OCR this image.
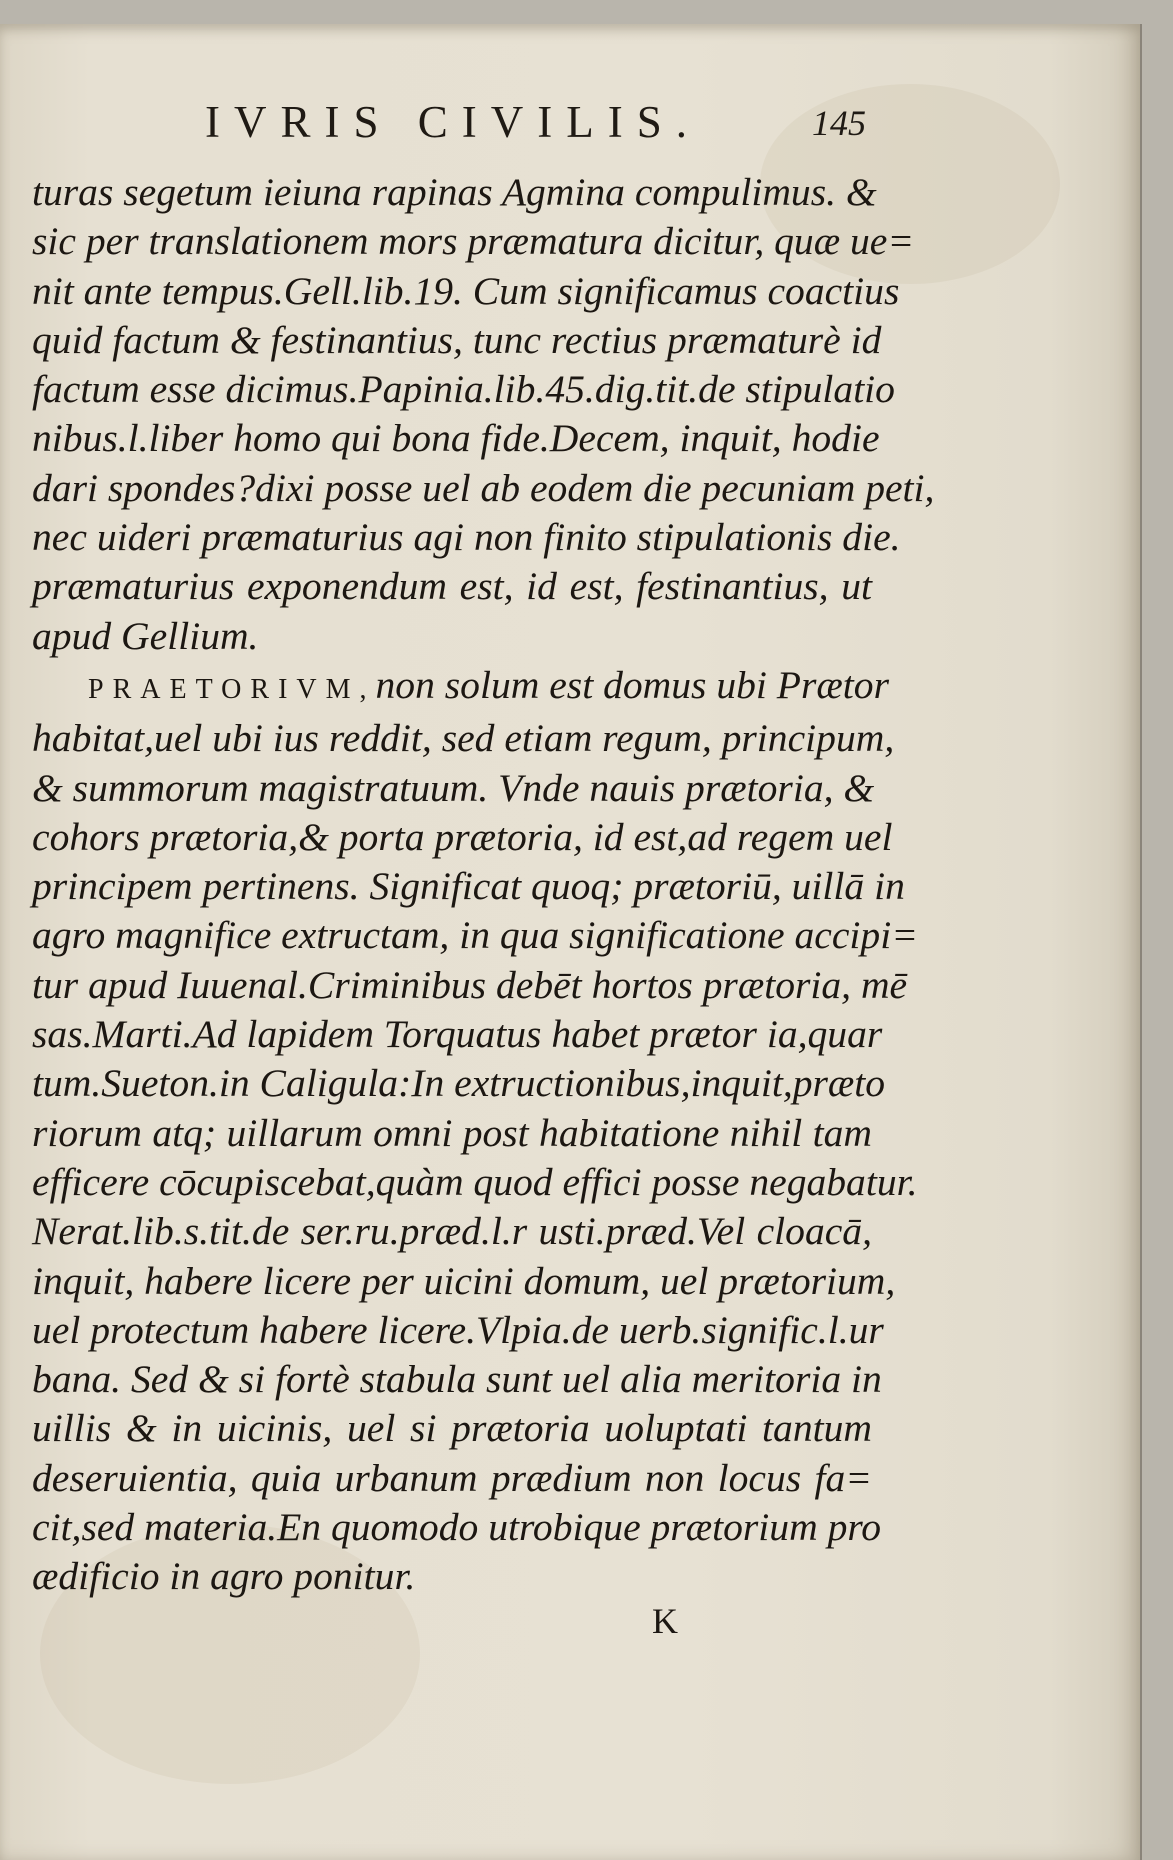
IVRIS CIVILIS.	145
turas segetum ieiuna rapinas Agmina compulimus. &
sic per translationem mors præmatura dicitur, quæ ue=
nit ante tempus.Gell.lib.19. Cum significamus coactius
quid factum & festinantius, tunc rectius præmaturè id
factum esse dicimus.Papinia.lib.45.dig.tit.de stipulatio
nibus.l.liber homo qui bona fide.Decem, inquit, hodie
dari spondes?dixi posse uel ab eodem die pecuniam peti,
nec uideri præmaturius agi non finito stipulationis die.
præmaturius exponendum est, id est, festinantius, ut
apud Gellium.
PRAETORIVM,non solum est domus ubi Prætor
habitat,uel ubi ius reddit, sed etiam regum, principum,
& summorum magistratuum. Vnde nauis prætoria, &
cohors prætoria,& porta prætoria, id est,ad regem uel
principem pertinens. Significat quoq; prætoriū, uillā in
agro magnifice extructam, in qua significatione accipi=
tur apud Iuuenal.Criminibus debēt hortos prætoria, mē
sas.Marti.Ad lapidem Torquatus habet prætor ia,quar
tum.Sueton.in Caligula:In extructionibus,inquit,præto
riorum atq; uillarum omni post habitatione nihil tam
efficere cōcupiscebat,quàm quod effici posse negabatur.
Nerat.lib.s.tit.de ser.ru.præd.l.r usti.præd.Vel cloacā,
inquit, habere licere per uicini domum, uel prætorium,
uel protectum habere licere.Vlpia.de uerb.signific.l.ur
bana. Sed & si fortè stabula sunt uel alia meritoria in
uillis & in uicinis, uel si prætoria uoluptati tantum
deseruientia, quia urbanum prædium non locus fa=
cit,sed materia.En quomodo utrobique prætorium pro
ædificio in agro ponitur.
K
